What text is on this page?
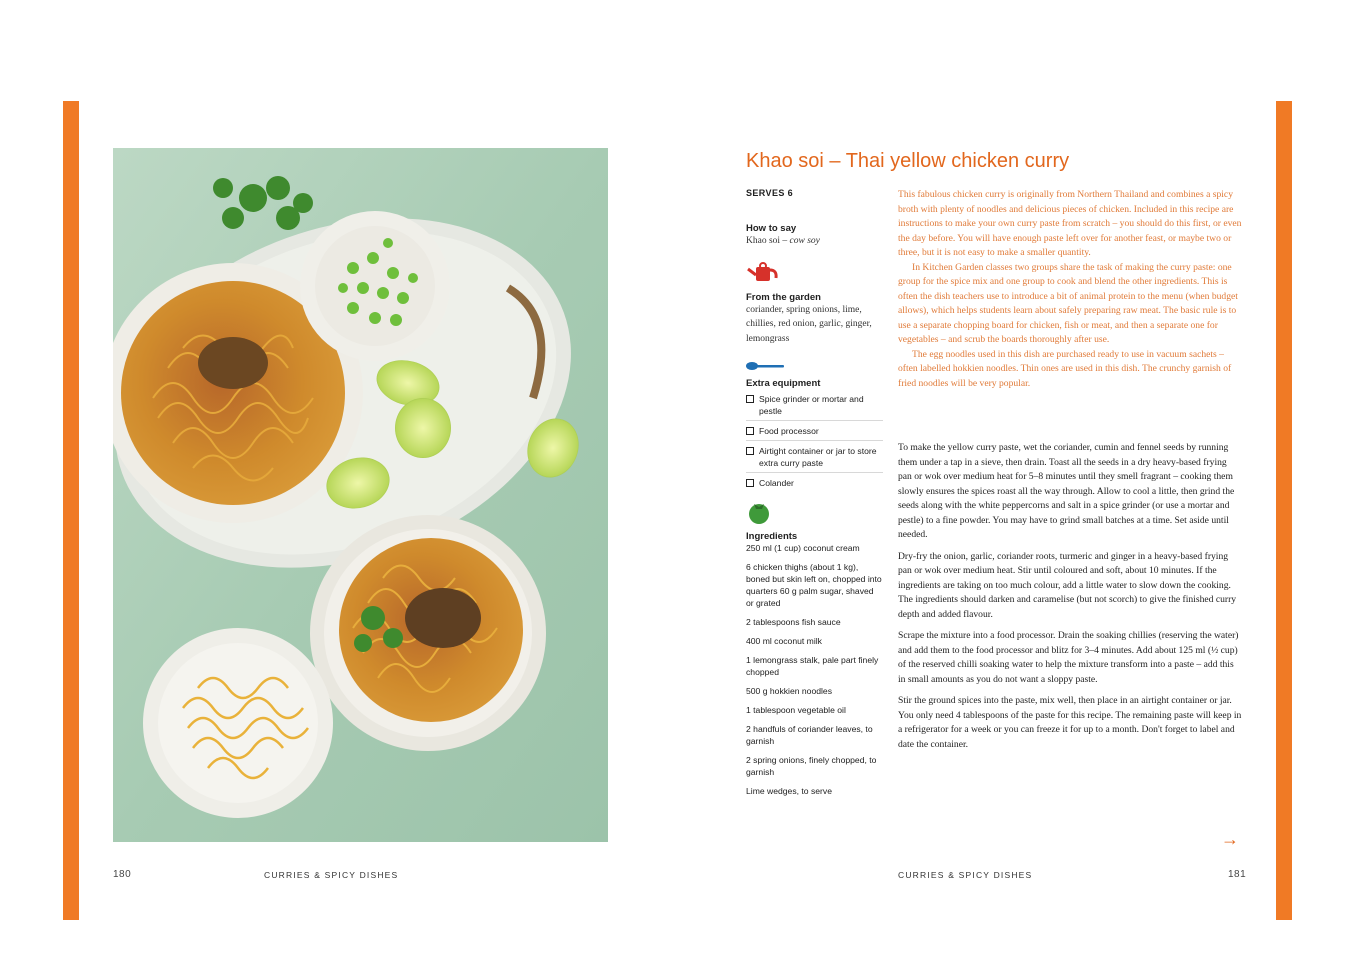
180	CURRIES & SPICY DISHES
Khao soi – Thai yellow chicken curry
SERVES 6
How to say
Khao soi – cow soy
From the garden
coriander, spring onions, lime, chillies, red onion, garlic, ginger, lemongrass
Extra equipment
Spice grinder or mortar and pestle
Food processor
Airtight container or jar to store extra curry paste
Colander
Ingredients
250 ml (1 cup) coconut cream
6 chicken thighs (about 1 kg), boned but skin left on, chopped into quarters 60 g palm sugar, shaved or grated
2 tablespoons fish sauce
400 ml coconut milk
1 lemongrass stalk, pale part finely chopped
500 g hokkien noodles
1 tablespoon vegetable oil
2 handfuls of coriander leaves, to garnish
2 spring onions, finely chopped, to garnish
Lime wedges, to serve

This fabulous chicken curry is originally from Northern Thailand and combines a spicy broth with plenty of noodles and delicious pieces of chicken. Included in this recipe are instructions to make your own curry paste from scratch – you should do this first, or even the day before. You will have enough paste left over for another feast, or maybe two or three, but it is not easy to make a smaller quantity.

In Kitchen Garden classes two groups share the task of making the curry paste: one group for the spice mix and one group to cook and blend the other ingredients. This is often the dish teachers use to introduce a bit of animal protein to the menu (when budget allows), which helps students learn about safely preparing raw meat. The basic rule is to use a separate chopping board for chicken, fish or meat, and then a separate one for vegetables – and scrub the boards thoroughly after use.

The egg noodles used in this dish are purchased ready to use in vacuum sachets – often labelled hokkien noodles. Thin ones are used in this dish. The crunchy garnish of fried noodles will be very popular.

To make the yellow curry paste, wet the coriander, cumin and fennel seeds by running them under a tap in a sieve, then drain. Toast all the seeds in a dry heavy-based frying pan or wok over medium heat for 5–8 minutes until they smell fragrant – cooking them slowly ensures the spices roast all the way through. Allow to cool a little, then grind the seeds along with the white peppercorns and salt in a spice grinder (or use a mortar and pestle) to a fine powder. You may have to grind small batches at a time. Set aside until needed.

Dry-fry the onion, garlic, coriander roots, turmeric and ginger in a heavy-based frying pan or wok over medium heat. Stir until coloured and soft, about 10 minutes. If the ingredients are taking on too much colour, add a little water to slow down the cooking. The ingredients should darken and caramelise (but not scorch) to give the finished curry depth and added flavour.

Scrape the mixture into a food processor. Drain the soaking chillies (reserving the water) and add them to the food processor and blitz for 3–4 minutes. Add about 125 ml (½ cup) of the reserved chilli soaking water to help the mixture transform into a paste – add this in small amounts as you do not want a sloppy paste.

Stir the ground spices into the paste, mix well, then place in an airtight container or jar. You only need 4 tablespoons of the paste for this recipe. The remaining paste will keep in a refrigerator for a week or you can freeze it for up to a month. Don't forget to label and date the container.

→
CURRIES & SPICY DISHES	181
